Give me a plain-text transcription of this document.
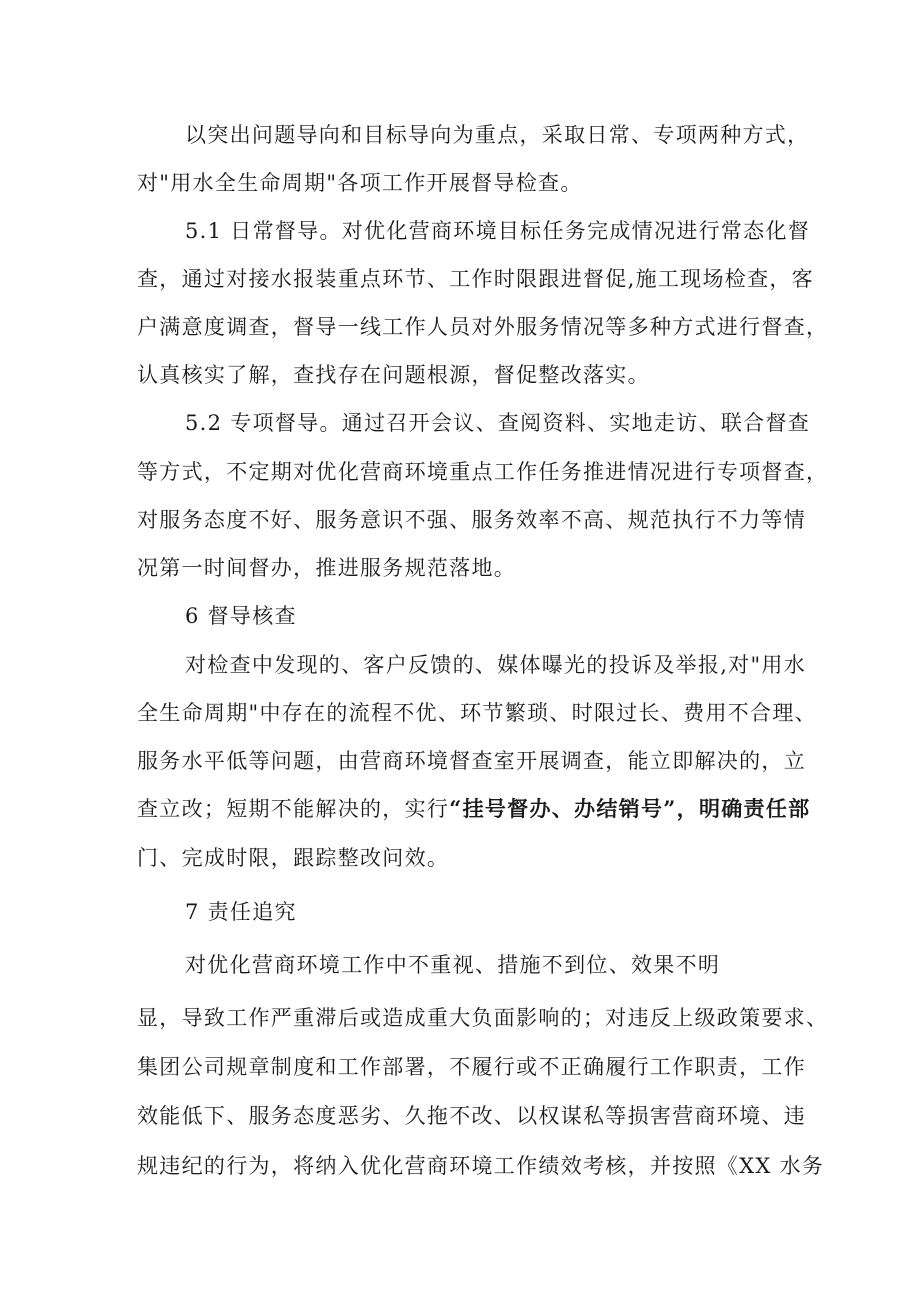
以突出问题导向和目标导向为重点，采取日常、专项两种方式，
对"用水全生命周期"各项工作开展督导检查。
5.1 日常督导。对优化营商环境目标任务完成情况进行常态化督
查，通过对接水报装重点环节、工作时限跟进督促,施工现场检查，客
户满意度调查，督导一线工作人员对外服务情况等多种方式进行督查，
认真核实了解，查找存在问题根源，督促整改落实。
5.2 专项督导。通过召开会议、查阅资料、实地走访、联合督查
等方式，不定期对优化营商环境重点工作任务推进情况进行专项督查，
对服务态度不好、服务意识不强、服务效率不高、规范执行不力等情
况第一时间督办，推进服务规范落地。
6 督导核查
对检查中发现的、客户反馈的、媒体曝光的投诉及举报,对"用水
全生命周期"中存在的流程不优、环节繁琐、时限过长、费用不合理、
服务水平低等问题，由营商环境督查室开展调查，能立即解决的，立
查立改；短期不能解决的，实行“挂号督办、办结销号”，明确责任部
门、完成时限，跟踪整改问效。
7 责任追究
对优化营商环境工作中不重视、措施不到位、效果不明
显，导致工作严重滞后或造成重大负面影响的；对违反上级政策要求、
集团公司规章制度和工作部署，不履行或不正确履行工作职责，工作
效能低下、服务态度恶劣、久拖不改、以权谋私等损害营商环境、违
规违纪的行为，将纳入优化营商环境工作绩效考核，并按照《XX 水务
